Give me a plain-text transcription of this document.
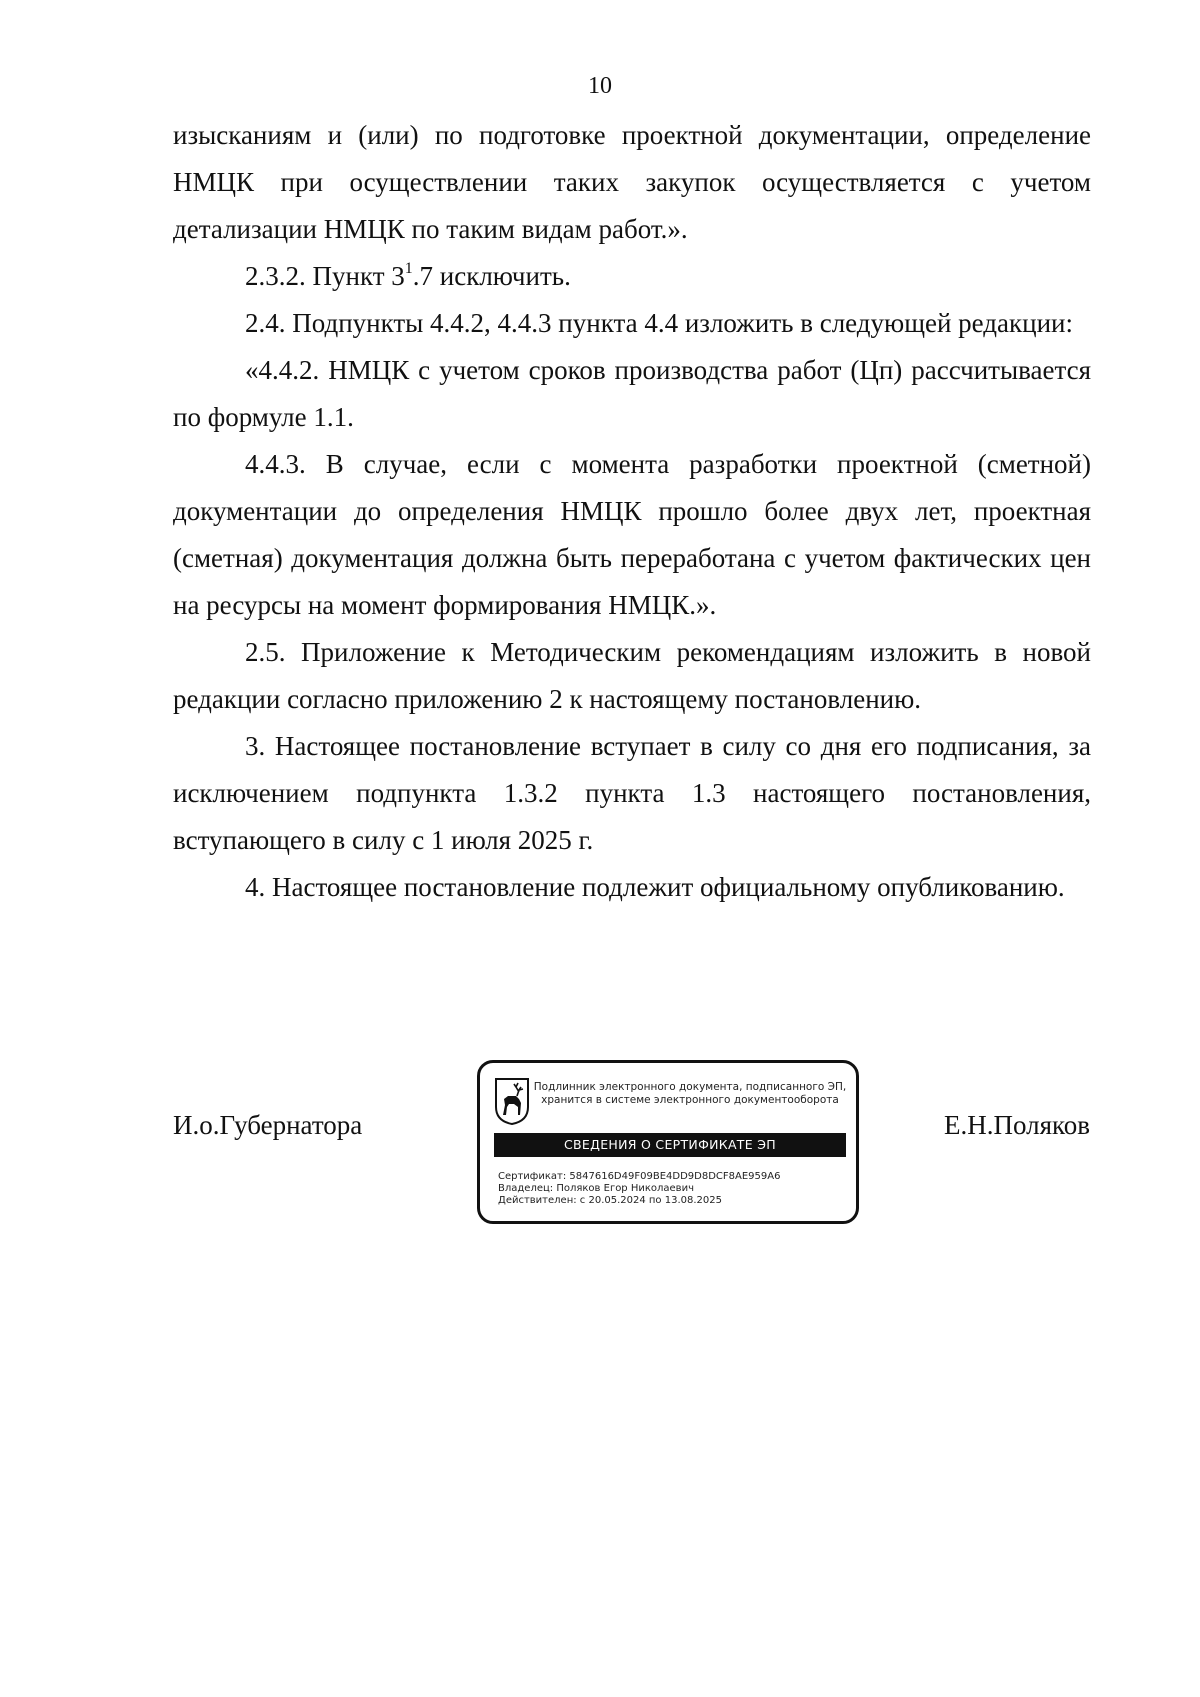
10

изысканиям и (или) по подготовке проектной документации, определение НМЦК при осуществлении таких закупок осуществляется с учетом детализации НМЦК по таким видам работ.».

2.3.2. Пункт $3^1.7$ исключить.

2.4. Подпункты 4.4.2, 4.4.3 пункта 4.4 изложить в следующей редакции:

«4.4.2. НМЦК с учетом сроков производства работ (Цп) рассчитывается по формуле 1.1.

4.4.3. В случае, если с момента разработки проектной (сметной) документации до определения НМЦК прошло более двух лет, проектная (сметная) документация должна быть переработана с учетом фактических цен на ресурсы на момент формирования НМЦК.».

2.5. Приложение к Методическим рекомендациям изложить в новой редакции согласно приложению 2 к настоящему постановлению.

3. Настоящее постановление вступает в силу со дня его подписания, за исключением подпункта 1.3.2 пункта 1.3 настоящего постановления, вступающего в силу с 1 июля 2025 г.

4. Настоящее постановление подлежит официальному опубликованию.

И.о.Губернатора
Подлинник электронного документа, подписанного ЭП,
хранится в системе электронного документооборота
СВЕДЕНИЯ О СЕРТИФИКАТЕ ЭП
Сертификат: 5847616D49F09BE4DD9D8DCF8AE959A6
Владелец: Поляков Егор Николаевич
Действителен: с 20.05.2024 по 13.08.2025
Е.Н.Поляков
